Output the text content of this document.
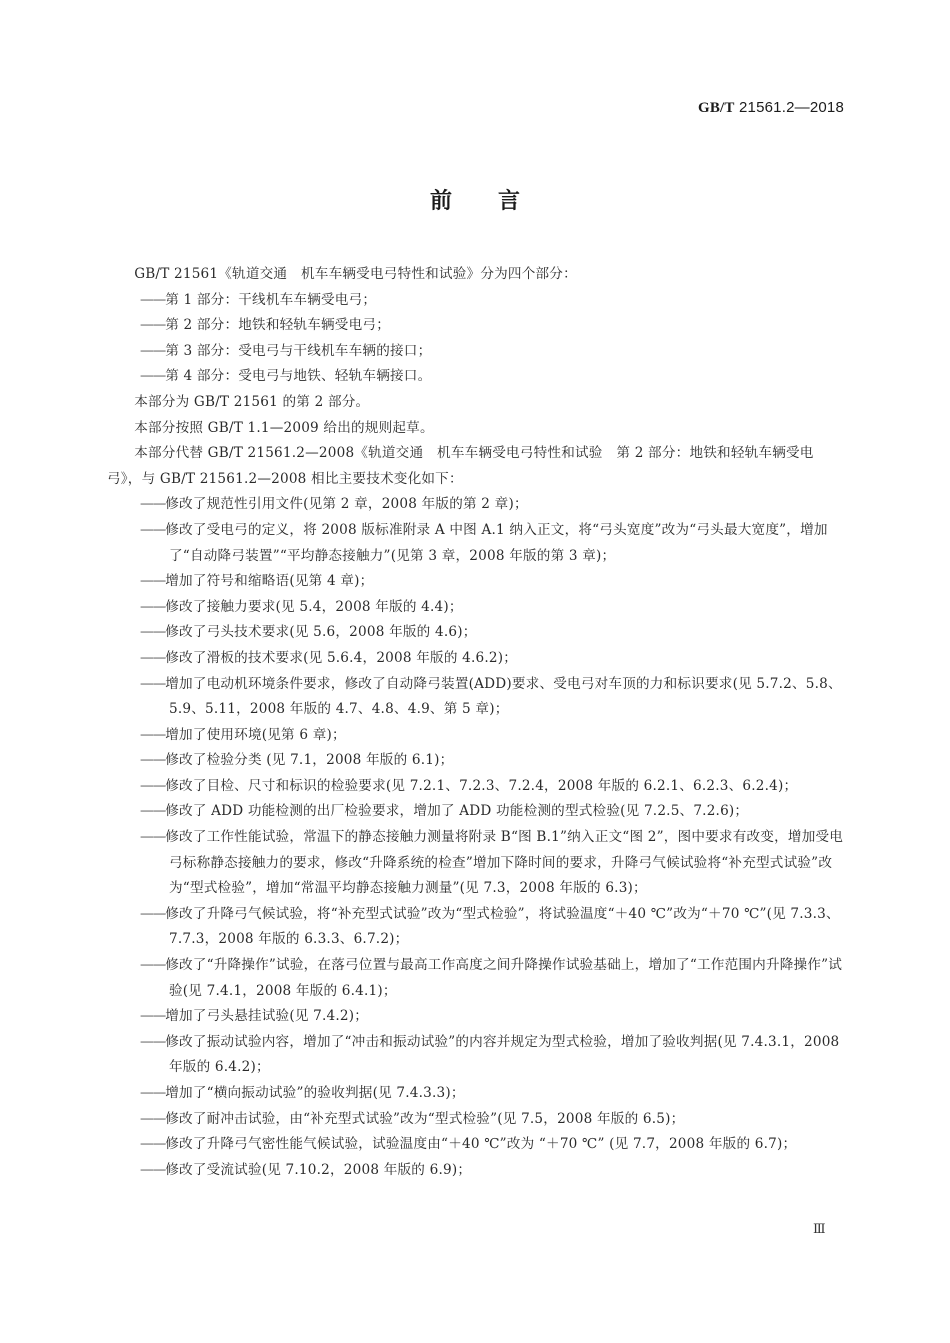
GB/T 21561.2—2018
前 言

GB/T 21561《轨道交通　机车车辆受电弓特性和试验》分为四个部分：

—— 第 1 部分：干线机车车辆受电弓；

—— 第 2 部分：地铁和轻轨车辆受电弓；

—— 第 3 部分：受电弓与干线机车车辆的接口；

—— 第 4 部分：受电弓与地铁、轻轨车辆接口。

本部分为 GB/T 21561 的第 2 部分。

本部分按照 GB/T 1.1—2009 给出的规则起草。

本部分代替 GB/T 21561.2—2008《轨道交通　机车车辆受电弓特性和试验　第 2 部分：地铁和轻轨车辆受电弓》，与 GB/T 21561.2—2008 相比主要技术变化如下：

—— 修改了规范性引用文件(见第 2 章，2008 年版的第 2 章)；

—— 修改了受电弓的定义，将 2008 版标准附录 A 中图 A.1 纳入正文，将“弓头宽度”改为“弓头最大宽度”，增加了“自动降弓装置”“平均静态接触力”(见第 3 章，2008 年版的第 3 章)；

—— 增加了符号和缩略语(见第 4 章)；

—— 修改了接触力要求(见 5.4，2008 年版的 4.4)；

—— 修改了弓头技术要求(见 5.6，2008 年版的 4.6)；

—— 修改了滑板的技术要求(见 5.6.4，2008 年版的 4.6.2)；

—— 增加了电动机环境条件要求，修改了自动降弓装置(ADD)要求、受电弓对车顶的力和标识要求(见 5.7.2、5.8、5.9、5.11，2008 年版的 4.7、4.8、4.9、第 5 章)；

—— 增加了使用环境(见第 6 章)；

—— 修改了检验分类 (见 7.1，2008 年版的 6.1)；

—— 修改了目检、尺寸和标识的检验要求(见 7.2.1、7.2.3、7.2.4，2008 年版的 6.2.1、6.2.3、6.2.4)；

—— 修改了 ADD 功能检测的出厂检验要求，增加了 ADD 功能检测的型式检验(见 7.2.5、7.2.6)；

—— 修改了工作性能试验，常温下的静态接触力测量将附录 B“图 B.1”纳入正文“图 2”，图中要求有改变，增加受电弓标称静态接触力的要求，修改“升降系统的检查”增加下降时间的要求，升降弓气候试验将“补充型式试验”改为“型式检验”，增加“常温平均静态接触力测量”(见 7.3，2008 年版的 6.3)；

—— 修改了升降弓气候试验，将“补充型式试验”改为“型式检验”，将试验温度“＋40 ℃”改为“＋70 ℃”(见 7.3.3、7.7.3，2008 年版的 6.3.3、6.7.2)；

—— 修改了“升降操作”试验，在落弓位置与最高工作高度之间升降操作试验基础上，增加了“工作范围内升降操作”试验(见 7.4.1，2008 年版的 6.4.1)；

—— 增加了弓头悬挂试验(见 7.4.2)；

—— 修改了振动试验内容，增加了“冲击和振动试验”的内容并规定为型式检验，增加了验收判据(见 7.4.3.1，2008 年版的 6.4.2)；

—— 增加了“横向振动试验”的验收判据(见 7.4.3.3)；

—— 修改了耐冲击试验，由“补充型式试验”改为“型式检验”(见 7.5，2008 年版的 6.5)；

—— 修改了升降弓气密性能气候试验，试验温度由“＋40 ℃”改为 “＋70 ℃” (见 7.7，2008 年版的 6.7)；

—— 修改了受流试验(见 7.10.2，2008 年版的 6.9)；

Ⅲ
